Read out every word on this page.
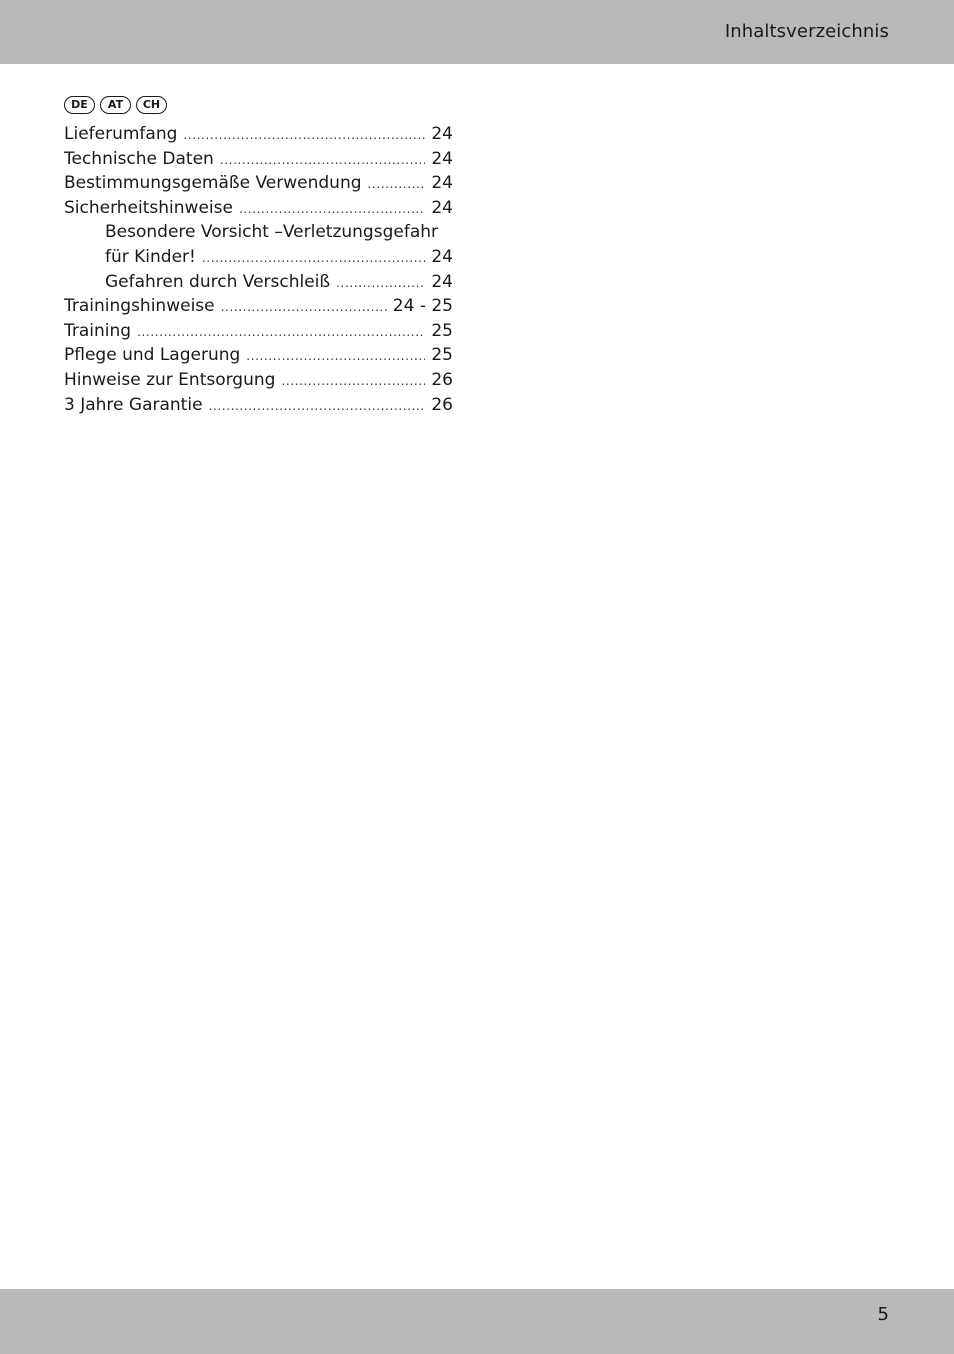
Inhaltsverzeichnis
DE	AT	CH
Lieferumfang .....	24
Technische Daten .....	24
Bestimmungsgemäße Verwendung .....	24
Sicherheitshinweise .....	24
Besondere Vorsicht –Verletzungsgefahr
für Kinder! .....	24
Gefahren durch Verschleiß .....	24
Trainingshinweise .....	24 - 25
Training .....	25
Pflege und Lagerung .....	25
Hinweise zur Entsorgung .....	26
3 Jahre Garantie .....	26
5
